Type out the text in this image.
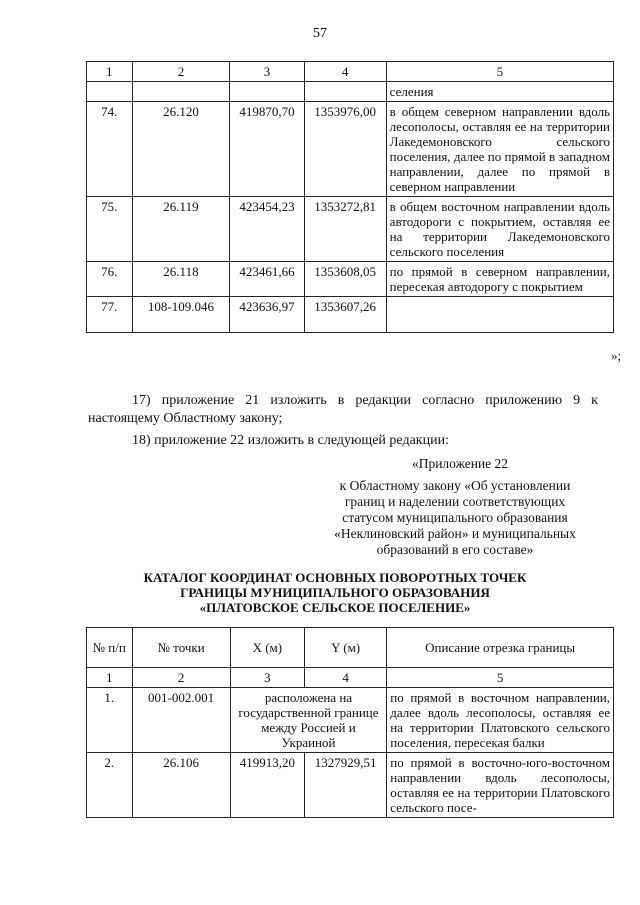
57
1	2	3	4	5
				селения
74.	26.120	419870,70	1353976,00	в общем северном направлении вдоль лесополосы, оставляя ее на территории Лакедемоновского сельского поселения, далее по прямой в западном направлении, далее по прямой в северном направлении
75.	26.119	423454,23	1353272,81	в общем восточном направлении вдоль автодороги с покрытием, оставляя ее на территории Лакедемоновского сельского поселения
76.	26.118	423461,66	1353608,05	по прямой в северном направлении, пересекая автодорогу с покрытием
77.	108-109.046	423636,97	1353607,26	
»;
17) приложение 21 изложить в редакции согласно приложению 9 к настоящему Областному закону;
18) приложение 22 изложить в следующей редакции:
«Приложение 22
к Областному закону «Об установлении
границ и наделении соответствующих
статусом муниципального образования
«Неклиновский район» и муниципальных
образований в его составе»
КАТАЛОГ КООРДИНАТ ОСНОВНЫХ ПОВОРОТНЫХ ТОЧЕК
ГРАНИЦЫ МУНИЦИПАЛЬНОГО ОБРАЗОВАНИЯ
«ПЛАТОВСКОЕ СЕЛЬСКОЕ ПОСЕЛЕНИЕ»
№ п/п	№ точки	X (м)	Y (м)	Описание отрезка границы
1	2	3	4	5
1.	001-002.001	расположена на государственной границе между Россией и Украиной		по прямой в восточном направлении, далее вдоль лесополосы, оставляя ее на территории Платовского сельского поселения, пересекая балки
2.	26.106	419913,20	1327929,51	по прямой в восточно-юго-восточном направлении вдоль лесополосы, оставляя ее на территории Платовского сельского посе-
